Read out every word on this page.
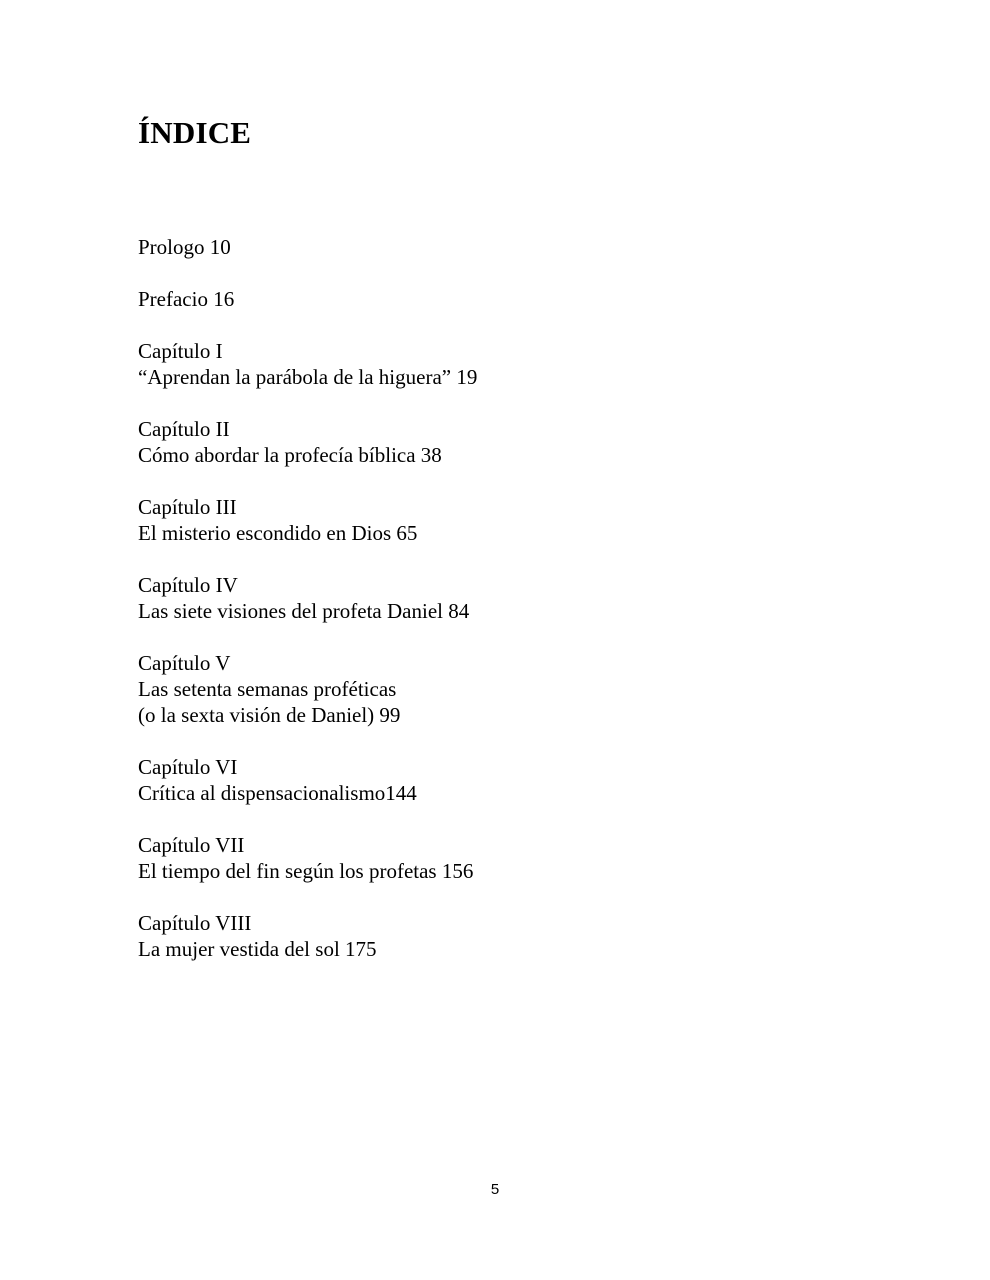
ÍNDICE
Prologo 10
Prefacio 16
Capítulo I
“Aprendan la parábola de la higuera” 19
Capítulo II
Cómo abordar la profecía bíblica 38
Capítulo III
El misterio escondido en Dios 65
Capítulo IV
Las siete visiones del profeta Daniel 84
Capítulo V
Las setenta semanas proféticas
(o la sexta visión de Daniel) 99
Capítulo VI
Crítica al dispensacionalismo144
Capítulo VII
El tiempo del fin según los profetas 156
Capítulo VIII
La mujer vestida del sol 175
5
